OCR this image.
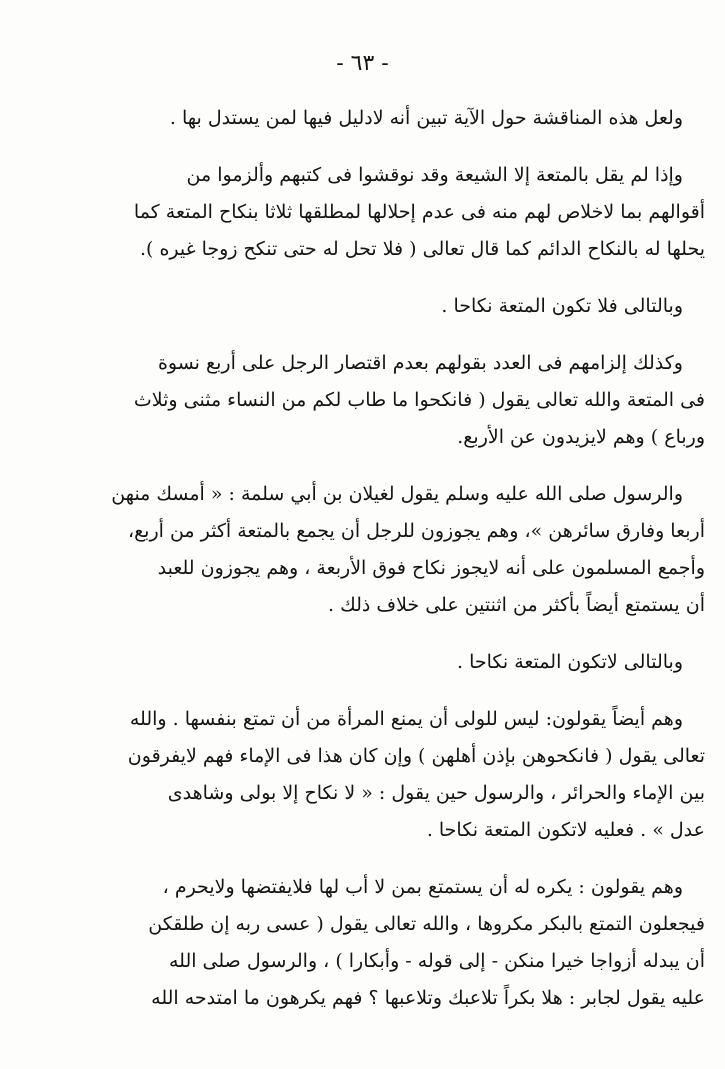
- ٦٣ -

ولعل هذه المناقشة حول الآية تبين أنه لادليل فيها لمن يستدل بها .

وإذا لم يقل بالمتعة إلا الشيعة وقد نوقشوا فى كتبهم وألزموا من
أقوالهم بما لاخلاص لهم منه فى عدم إحلالها لمطلقها ثلاثا بنكاح المتعة كما
يحلها له بالنكاح الدائم كما قال تعالى ( فلا تحل له حتى تنكح زوجا غيره ).

وبالتالى فلا تكون المتعة نكاحا .

وكذلك إلزامهم فى العدد بقولهم بعدم اقتصار الرجل على أربع نسوة
فى المتعة والله تعالى يقول ( فانكحوا ما طاب لكم من النساء مثنى وثلاث
ورباع ) وهم لايزيدون عن الأربع.

والرسول صلى الله عليه وسلم يقول لغيلان بن أبي سلمة : « أمسك منهن
أربعا وفارق سائرهن »، وهم يجوزون للرجل أن يجمع بالمتعة أكثر من أربع،
وأجمع المسلمون على أنه لايجوز نكاح فوق الأربعة ، وهم يجوزون للعبد
أن يستمتع أيضاً بأكثر من اثنتين على خلاف ذلك .

وبالتالى لاتكون المتعة نكاحا .

وهم أيضاً يقولون: ليس للولى أن يمنع المرأة من أن تمتع بنفسها . والله
تعالى يقول ( فانكحوهن بإذن أهلهن ) وإن كان هذا فى الإماء فهم لايفرقون
بين الإماء والحرائر ، والرسول حين يقول : « لا نكاح إلا بولى وشاهدى
عدل » . فعليه لاتكون المتعة نكاحا .

وهم يقولون : يكره له أن يستمتع بمن لا أب لها فلايفتضها ولايحرم ،
فيجعلون التمتع بالبكر مكروها ، والله تعالى يقول ( عسى ربه إن طلقكن
أن يبدله أزواجا خيرا منكن - إلى قوله - وأبكارا ) ، والرسول صلى الله
عليه يقول لجابر : هلا بكراً تلاعبك وتلاعبها ؟ فهم يكرهون ما امتدحه الله
